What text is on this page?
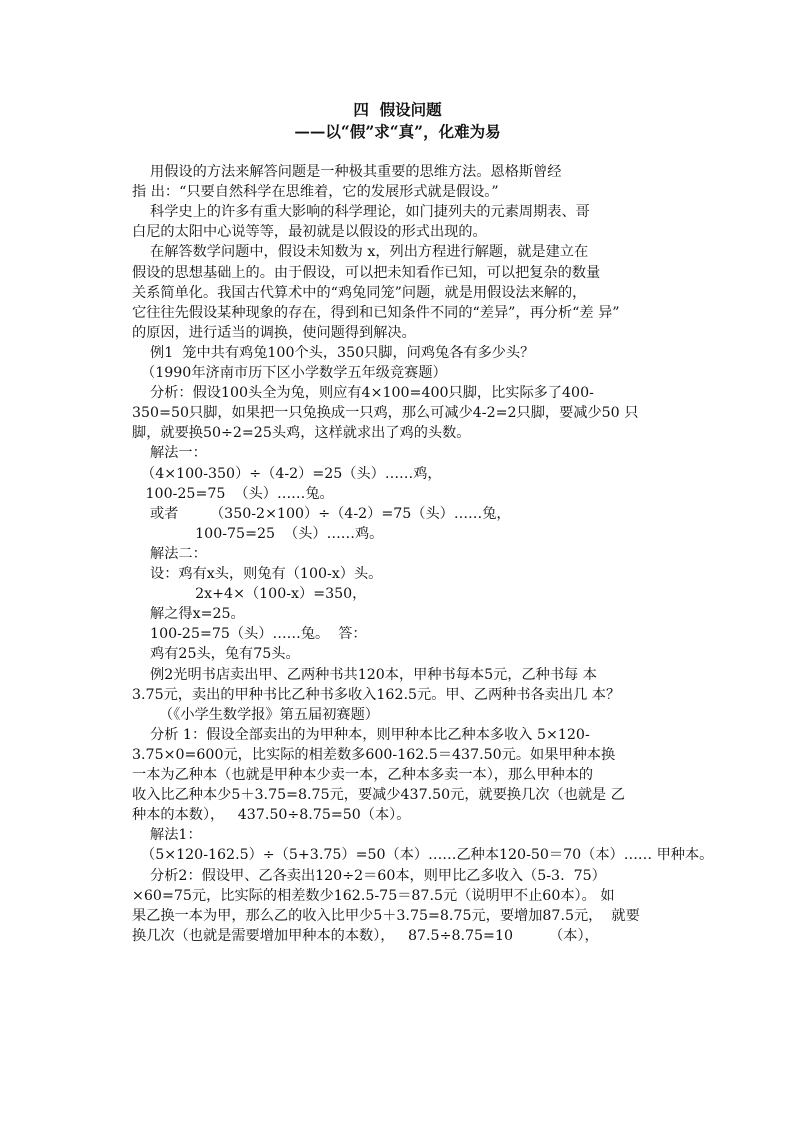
四  假设问题
——以“假”求“真”，化难为易
用假设的方法来解答问题是一种极其重要的思维方法。恩格斯曾经
指 出：“只要自然科学在思维着，它的发展形式就是假设。”
科学史上的许多有重大影响的科学理论，如门捷列夫的元素周期表、哥
白尼的太阳中心说等等，最初就是以假设的形式出现的。
在解答数学问题中，假设未知数为 x，列出方程进行解题，就是建立在
假设的思想基础上的。由于假设，可以把未知看作已知，可以把复杂的数量
关系简单化。我国古代算术中的“鸡兔同笼”问题，就是用假设法来解的，
它往往先假设某种现象的存在，得到和已知条件不同的“差异”，再分析“差 异”
的原因，进行适当的调换，使问题得到解决。
例1  笼中共有鸡兔100个头，350只脚，问鸡兔各有多少头？
（1990年济南市历下区小学数学五年级竞赛题）
分析：假设100头全为兔，则应有4×100=400只脚，比实际多了400-
350=50只脚，如果把一只兔换成一只鸡，那么可减少4-2=2只脚，要减少50 只
脚，就要换50÷2=25头鸡，这样就求出了鸡的头数。
解法一：
（4×100-350）÷（4-2）=25（头）……鸡，
100-25=75  （头）……兔。
或者       （350-2×100）÷（4-2）=75（头）……兔，
100-75=25  （头）……鸡。
解法二：
设：鸡有x头，则兔有（100-x）头。
2x+4×（100-x）=350，
解之得x=25。
100-25=75（头）……兔。  答：
鸡有25头，兔有75头。
例2光明书店卖出甲、乙两种书共120本，甲种书每本5元，乙种书每 本
3.75元，卖出的甲种书比乙种书多收入162.5元。甲、乙两种书各卖出几 本？
（《小学生数学报》第五届初赛题）
分析 1：假设全部卖出的为甲种本，则甲种本比乙种本多收入 5×120-
3.75×0=600元，比实际的相差数多600-162.5＝437.50元。如果甲种本换
一本为乙种本（也就是甲种本少卖一本，乙种本多卖一本），那么甲种本的
收入比乙种本少5＋3.75=8.75元，要减少437.50元，就要换几次（也就是 乙
种本的本数），   437.50÷8.75=50（本）。
解法1：
（5×120-162.5）÷（5+3.75）=50（本）……乙种本120-50＝70（本）…… 甲种本。
分析2：假设甲、乙各卖出120÷2＝60本，则甲比乙多收入（5-3.  75）
×60=75元，比实际的相差数少162.5-75＝87.5元（说明甲不止60本）。 如
果乙换一本为甲，那么乙的收入比甲少5＋3.75=8.75元，要增加87.5元，  就要
换几次（也就是需要增加甲种本的本数），   87.5÷8.75=10        （本），
